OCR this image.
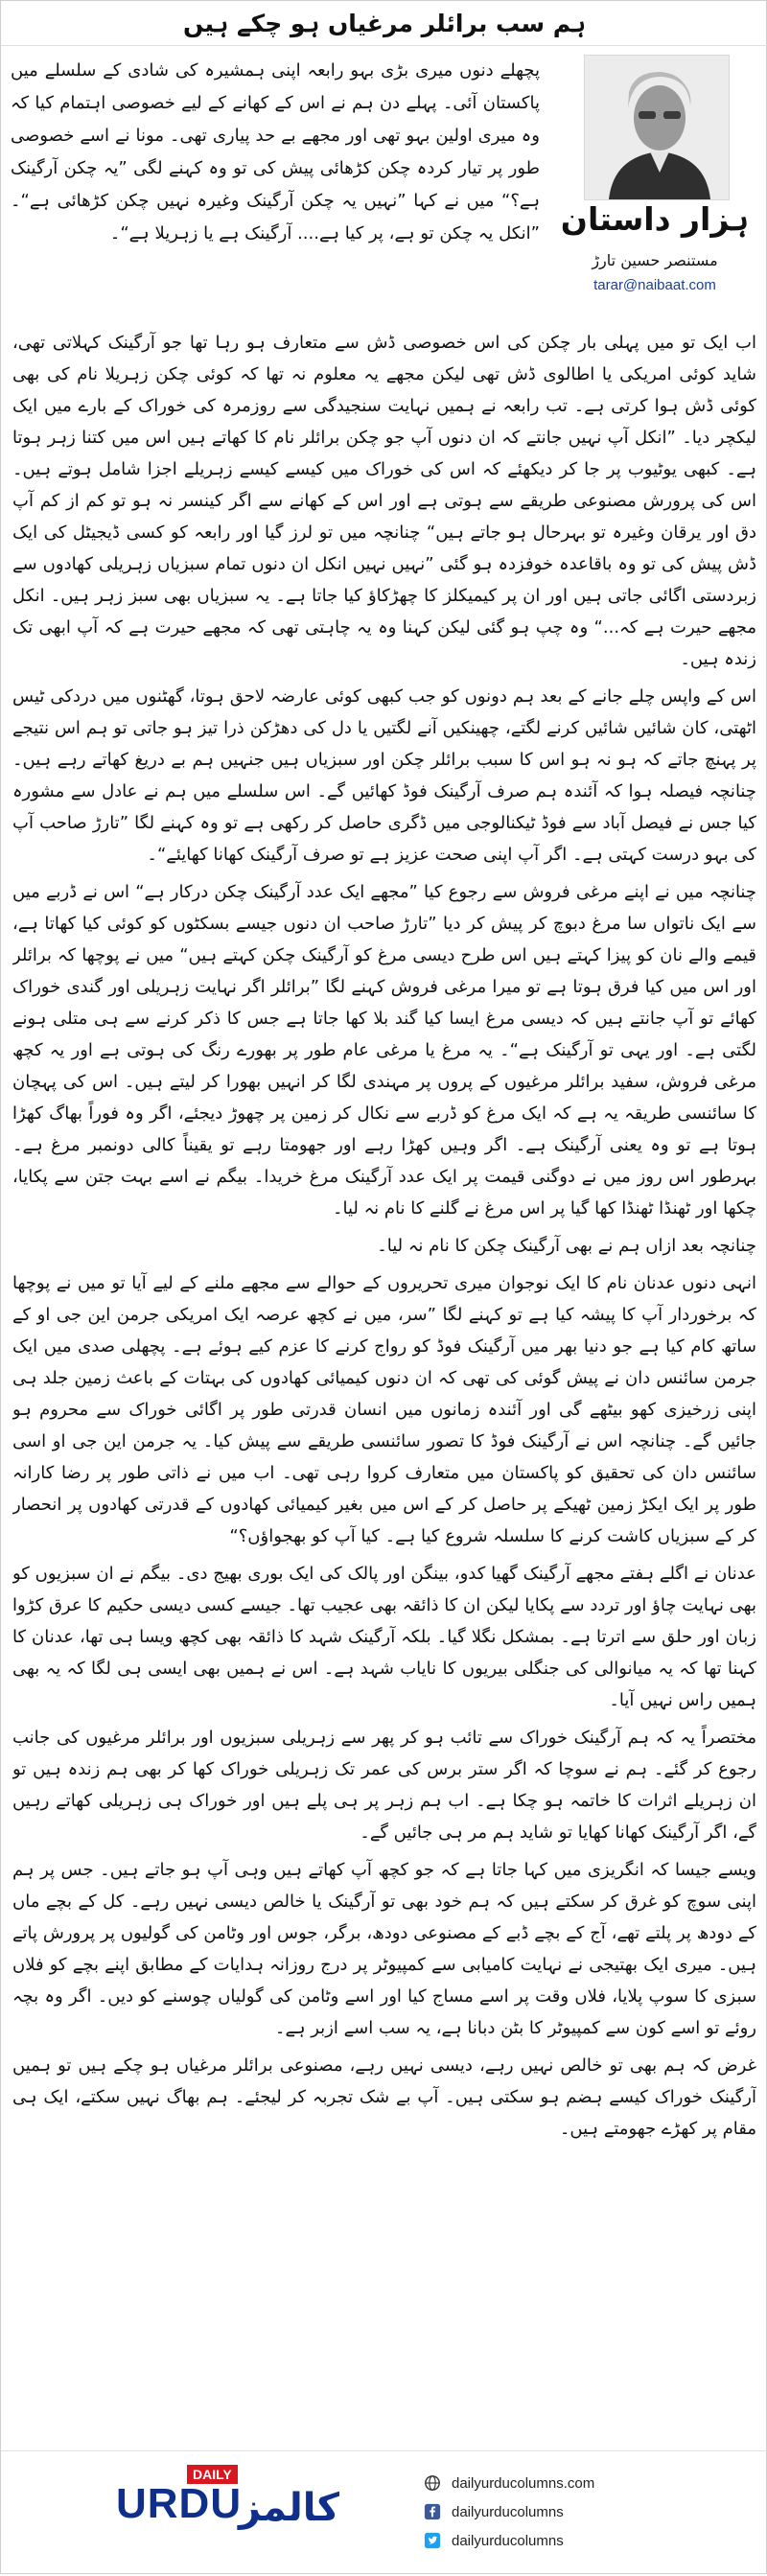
ہم سب برائلر مرغیاں ہو چکے ہیں
ہزار داستان
مستنصر حسین تارڑ
tarar@naibaat.com
پچھلے دنوں میری بڑی بہو رابعہ اپنی ہمشیرہ کی شادی کے سلسلے میں پاکستان آئی۔ پہلے دن ہم نے اس کے کھانے کے لیے خصوصی اہتمام کیا کہ وہ میری اولین بہو تھی اور مجھے بے حد پیاری تھی۔ مونا نے اسے خصوصی طور پر تیار کردہ چکن کڑھائی پیش کی تو وہ کہنے لگی ”یہ چکن آرگینک ہے؟“ میں نے کہا ”نہیں یہ چکن آرگینک وغیرہ نہیں چکن کڑھائی ہے“۔ ”انکل یہ چکن تو ہے، پر کیا ہے.... آرگینک ہے یا زہریلا ہے“۔

اب ایک تو میں پہلی بار چکن کی اس خصوصی ڈش سے متعارف ہو رہا تھا جو آرگینک کہلاتی تھی، شاید کوئی امریکی یا اطالوی ڈش تھی لیکن مجھے یہ معلوم نہ تھا کہ کوئی چکن زہریلا نام کی بھی کوئی ڈش ہوا کرتی ہے۔ تب رابعہ نے ہمیں نہایت سنجیدگی سے روزمرہ کی خوراک کے بارے میں ایک لیکچر دیا۔ ”انکل آپ نہیں جانتے کہ ان دنوں آپ جو چکن برائلر نام کا کھاتے ہیں اس میں کتنا زہر ہوتا ہے۔ کبھی یوٹیوب پر جا کر دیکھئے کہ اس کی خوراک میں کیسے کیسے زہریلے اجزا شامل ہوتے ہیں۔ اس کی پرورش مصنوعی طریقے سے ہوتی ہے اور اس کے کھانے سے اگر کینسر نہ ہو تو کم از کم آپ دق اور یرقان وغیرہ تو بہرحال ہو جاتے ہیں“ چنانچہ میں تو لرز گیا اور رابعہ کو کسی ڈیجیٹل کی ایک ڈش پیش کی تو وہ باقاعدہ خوفزدہ ہو گئی ”نہیں نہیں انکل ان دنوں تمام سبزیاں زہریلی کھادوں سے زبردستی اگائی جاتی ہیں اور ان پر کیمیکلز کا چھڑکاؤ کیا جاتا ہے۔ یہ سبزیاں بھی سبز زہر ہیں۔ انکل مجھے حیرت ہے کہ...“ وہ چپ ہو گئی لیکن کہنا وہ یہ چاہتی تھی کہ مجھے حیرت ہے کہ آپ ابھی تک زندہ ہیں۔

اس کے واپس چلے جانے کے بعد ہم دونوں کو جب کبھی کوئی عارضہ لاحق ہوتا، گھٹنوں میں دردکی ٹیس اٹھتی، کان شائیں شائیں کرنے لگتے، چھینکیں آنے لگتیں یا دل کی دھڑکن ذرا تیز ہو جاتی تو ہم اس نتیجے پر پہنچ جاتے کہ ہو نہ ہو اس کا سبب برائلر چکن اور سبزیاں ہیں جنہیں ہم بے دریغ کھاتے رہے ہیں۔ چنانچہ فیصلہ ہوا کہ آئندہ ہم صرف آرگینک فوڈ کھائیں گے۔ اس سلسلے میں ہم نے عادل سے مشورہ کیا جس نے فیصل آباد سے فوڈ ٹیکنالوجی میں ڈگری حاصل کر رکھی ہے تو وہ کہنے لگا ”تارڑ صاحب آپ کی بہو درست کہتی ہے۔ اگر آپ اپنی صحت عزیز ہے تو صرف آرگینک کھانا کھایئے“۔

چنانچہ میں نے اپنے مرغی فروش سے رجوع کیا ”مجھے ایک عدد آرگینک چکن درکار ہے“ اس نے ڈربے میں سے ایک ناتواں سا مرغ دبوچ کر پیش کر دیا ”تارڑ صاحب ان دنوں جیسے بسکٹوں کو کوئی کیا کھاتا ہے، قیمے والے نان کو پیزا کہتے ہیں اس طرح دیسی مرغ کو آرگینک چکن کہتے ہیں“ میں نے پوچھا کہ برائلر اور اس میں کیا فرق ہوتا ہے تو میرا مرغی فروش کہنے لگا ”برائلر اگر نہایت زہریلی اور گندی خوراک کھائے تو آپ جانتے ہیں کہ دیسی مرغ ایسا کیا گند بلا کھا جاتا ہے جس کا ذکر کرنے سے ہی متلی ہونے لگتی ہے۔ اور یہی تو آرگینک ہے“۔ یہ مرغ یا مرغی عام طور پر بھورے رنگ کی ہوتی ہے اور یہ کچھ مرغی فروش، سفید برائلر مرغیوں کے پروں پر مہندی لگا کر انہیں بھورا کر لیتے ہیں۔ اس کی پہچان کا سائنسی طریقہ یہ ہے کہ ایک مرغ کو ڈربے سے نکال کر زمین پر چھوڑ دیجئے، اگر وہ فوراً بھاگ کھڑا ہوتا ہے تو وہ یعنی آرگینک ہے۔ اگر وہیں کھڑا رہے اور جھومتا رہے تو یقیناً کالی دونمبر مرغ ہے۔ بہرطور اس روز میں نے دوگنی قیمت پر ایک عدد آرگینک مرغ خریدا۔ بیگم نے اسے بہت جتن سے پکایا، چکھا اور ٹھنڈا ٹھنڈا کھا گیا پر اس مرغ نے گلنے کا نام نہ لیا۔

چنانچہ بعد ازاں ہم نے بھی آرگینک چکن کا نام نہ لیا۔

انہی دنوں عدنان نام کا ایک نوجوان میری تحریروں کے حوالے سے مجھے ملنے کے لیے آیا تو میں نے پوچھا کہ برخوردار آپ کا پیشہ کیا ہے تو کہنے لگا ”سر، میں نے کچھ عرصہ ایک امریکی جرمن این جی او کے ساتھ کام کیا ہے جو دنیا بھر میں آرگینک فوڈ کو رواج کرنے کا عزم کیے ہوئے ہے۔ پچھلی صدی میں ایک جرمن سائنس دان نے پیش گوئی کی تھی کہ ان دنوں کیمیائی کھادوں کی بہتات کے باعث زمین جلد ہی اپنی زرخیزی کھو بیٹھے گی اور آئندہ زمانوں میں انسان قدرتی طور پر اگائی خوراک سے محروم ہو جائیں گے۔ چنانچہ اس نے آرگینک فوڈ کا تصور سائنسی طریقے سے پیش کیا۔ یہ جرمن این جی او اسی سائنس دان کی تحقیق کو پاکستان میں متعارف کروا رہی تھی۔ اب میں نے ذاتی طور پر رضا کارانہ طور پر ایک ایکڑ زمین ٹھیکے پر حاصل کر کے اس میں بغیر کیمیائی کھادوں کے قدرتی کھادوں پر انحصار کر کے سبزیاں کاشت کرنے کا سلسلہ شروع کیا ہے۔ کیا آپ کو بھجواؤں؟“

عدنان نے اگلے ہفتے مجھے آرگینک گھیا کدو، بینگن اور پالک کی ایک بوری بھیج دی۔ بیگم نے ان سبزیوں کو بھی نہایت چاؤ اور تردد سے پکایا لیکن ان کا ذائقہ بھی عجیب تھا۔ جیسے کسی دیسی حکیم کا عرق کڑوا زبان اور حلق سے اترتا ہے۔ بمشکل نگلا گیا۔ بلکہ آرگینک شہد کا ذائقہ بھی کچھ ویسا ہی تھا، عدنان کا کہنا تھا کہ یہ میانوالی کی جنگلی بیریوں کا نایاب شہد ہے۔ اس نے ہمیں بھی ایسی ہی لگا کہ یہ بھی ہمیں راس نہیں آیا۔

مختصراً یہ کہ ہم آرگینک خوراک سے تائب ہو کر پھر سے زہریلی سبزیوں اور برائلر مرغیوں کی جانب رجوع کر گئے۔ ہم نے سوچا کہ اگر ستر برس کی عمر تک زہریلی خوراک کھا کر بھی ہم زندہ ہیں تو ان زہریلے اثرات کا خاتمہ ہو چکا ہے۔ اب ہم زہر پر ہی پلے ہیں اور خوراک ہی زہریلی کھاتے رہیں گے، اگر آرگینک کھانا کھایا تو شاید ہم مر ہی جائیں گے۔

ویسے جیسا کہ انگریزی میں کہا جاتا ہے کہ جو کچھ آپ کھاتے ہیں وہی آپ ہو جاتے ہیں۔ جس پر ہم اپنی سوچ کو غرق کر سکتے ہیں کہ ہم خود بھی تو آرگینک یا خالص دیسی نہیں رہے۔ کل کے بچے ماں کے دودھ پر پلتے تھے، آج کے بچے ڈبے کے مصنوعی دودھ، برگر، جوس اور وٹامن کی گولیوں پر پرورش پاتے ہیں۔ میری ایک بھتیجی نے نہایت کامیابی سے کمپیوٹر پر درج روزانہ ہدایات کے مطابق اپنے بچے کو فلاں سبزی کا سوپ پلایا، فلاں وقت پر اسے مساج کیا اور اسے وٹامن کی گولیاں چوسنے کو دیں۔ اگر وہ بچہ روئے تو اسے کون سے کمپیوٹر کا بٹن دبانا ہے، یہ سب اسے ازبر ہے۔

غرض کہ ہم بھی تو خالص نہیں رہے، دیسی نہیں رہے، مصنوعی برائلر مرغیاں ہو چکے ہیں تو ہمیں آرگینک خوراک کیسے ہضم ہو سکتی ہیں۔ آپ بے شک تجربہ کر لیجئے۔ ہم بھاگ نہیں سکتے، ایک ہی مقام پر کھڑے جھومتے ہیں۔

DAILY
URDU
کالمز
dailyurducolumns.com
dailyurducolumns
dailyurducolumns
